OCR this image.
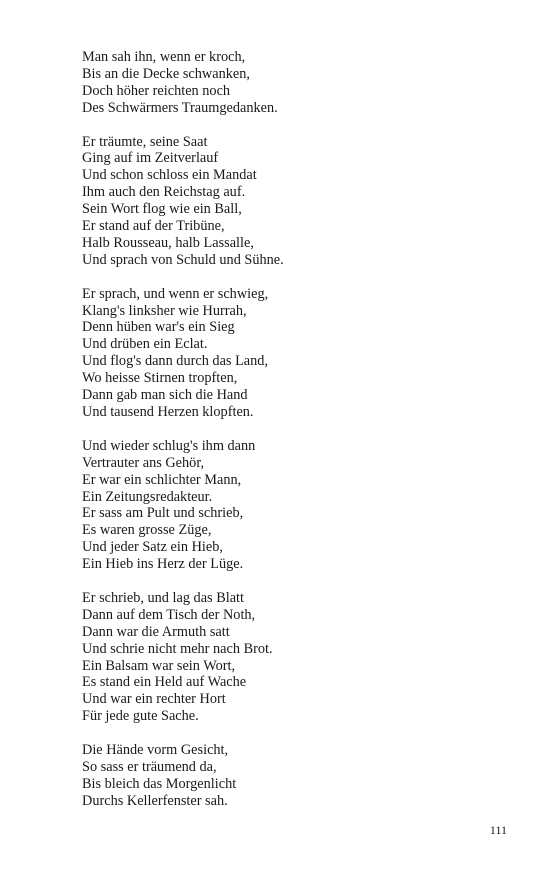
Man sah ihn, wenn er kroch,
Bis an die Decke schwanken,
Doch höher reichten noch
Des Schwärmers Traumgedanken.
Er träumte, seine Saat
Ging auf im Zeitverlauf
Und schon schloss ein Mandat
Ihm auch den Reichstag auf.
Sein Wort flog wie ein Ball,
Er stand auf der Tribüne,
Halb Rousseau, halb Lassalle,
Und sprach von Schuld und Sühne.
Er sprach, und wenn er schwieg,
Klang's linksher wie Hurrah,
Denn hüben war's ein Sieg
Und drüben ein Eclat.
Und flog's dann durch das Land,
Wo heisse Stirnen tropften,
Dann gab man sich die Hand
Und tausend Herzen klopften.
Und wieder schlug's ihm dann
Vertrauter ans Gehör,
Er war ein schlichter Mann,
Ein Zeitungsredakteur.
Er sass am Pult und schrieb,
Es waren grosse Züge,
Und jeder Satz ein Hieb,
Ein Hieb ins Herz der Lüge.
Er schrieb, und lag das Blatt
Dann auf dem Tisch der Noth,
Dann war die Armuth satt
Und schrie nicht mehr nach Brot.
Ein Balsam war sein Wort,
Es stand ein Held auf Wache
Und war ein rechter Hort
Für jede gute Sache.
Die Hände vorm Gesicht,
So sass er träumend da,
Bis bleich das Morgenlicht
Durchs Kellerfenster sah.
111
